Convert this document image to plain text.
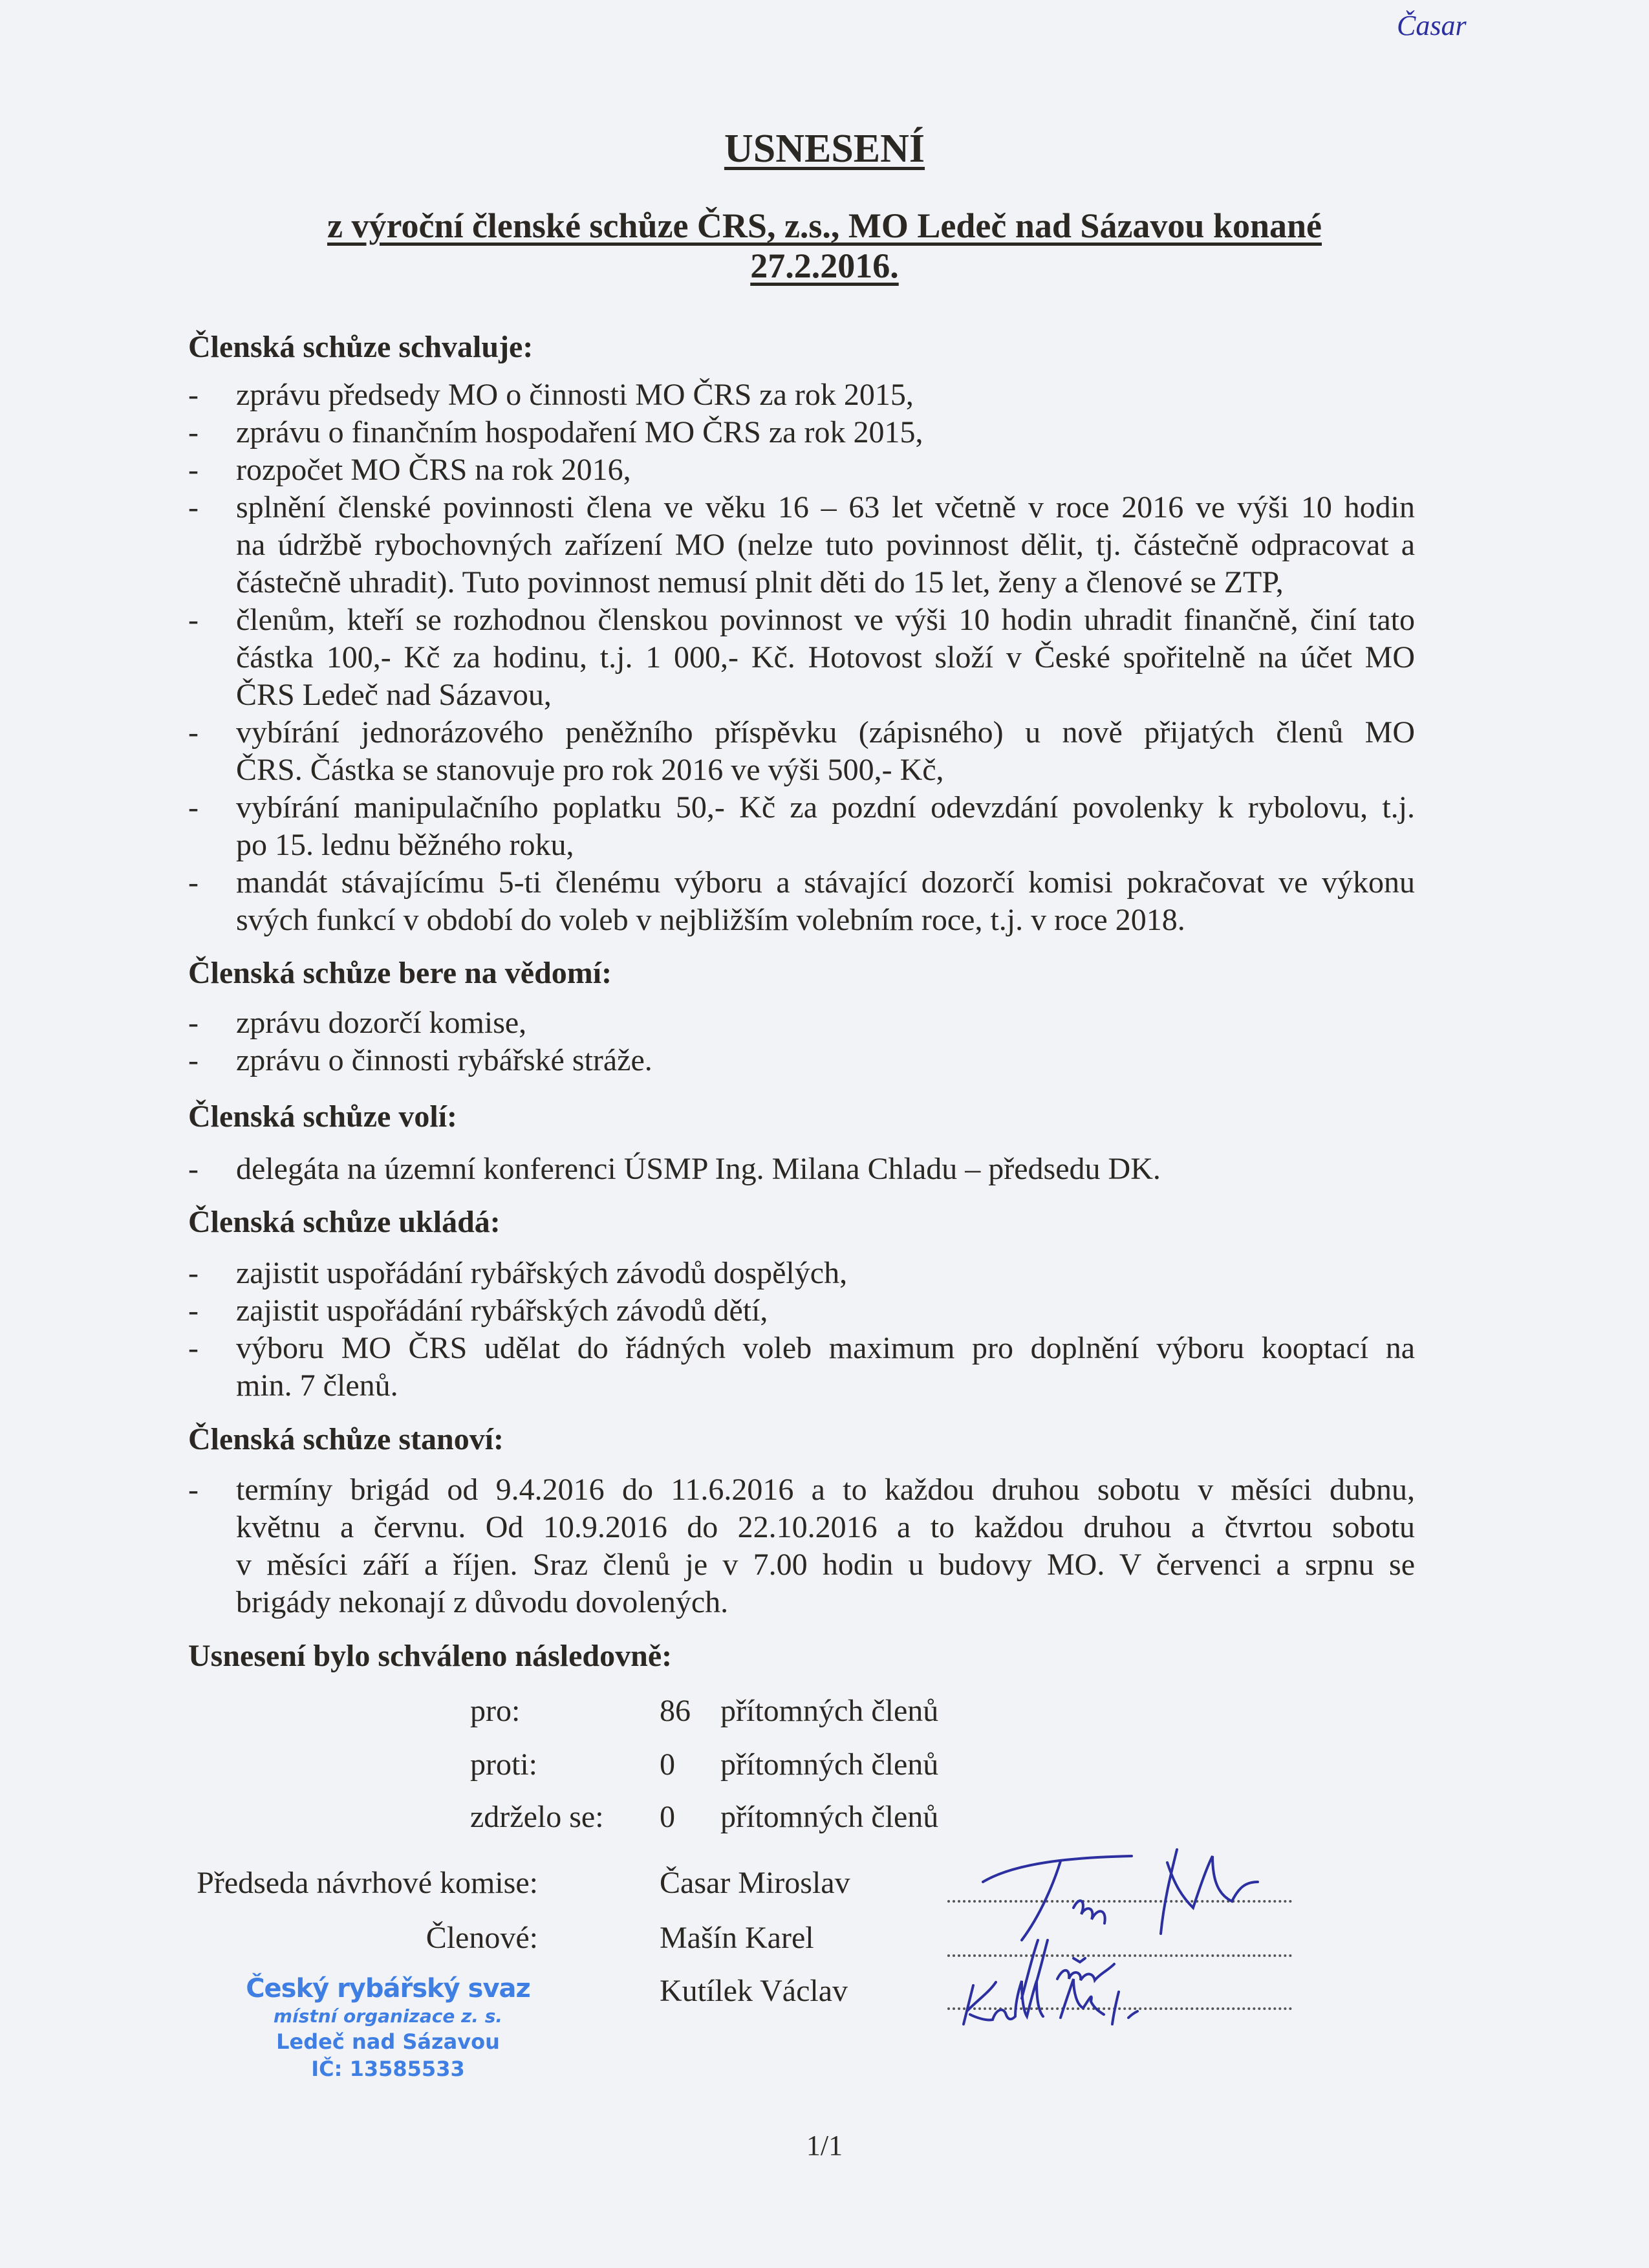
Časar
USNESENÍ
z výroční členské schůze ČRS, z.s., MO Ledeč nad Sázavou konané
27.2.2016.
Členská schůze schvaluje:
- zprávu předsedy MO o činnosti MO ČRS za rok 2015,
- zprávu o finančním hospodaření MO ČRS za rok 2015,
- rozpočet MO ČRS na rok 2016,
- splnění členské povinnosti člena ve věku 16 – 63 let včetně v roce 2016 ve výši 10 hodin
na údržbě rybochovných zařízení MO (nelze tuto povinnost dělit, tj. částečně odpracovat a
částečně uhradit). Tuto povinnost nemusí plnit děti do 15 let, ženy a členové se ZTP,
- členům, kteří se rozhodnou členskou povinnost ve výši 10 hodin uhradit finančně, činí tato
částka 100,- Kč za hodinu, t.j. 1 000,- Kč. Hotovost složí v České spořitelně na účet MO
ČRS Ledeč nad Sázavou,
- vybírání jednorázového peněžního příspěvku (zápisného) u nově přijatých členů MO
ČRS. Částka se stanovuje pro rok 2016 ve výši 500,- Kč,
- vybírání manipulačního poplatku 50,- Kč za pozdní odevzdání povolenky k rybolovu, t.j.
po 15. lednu běžného roku,
- mandát stávajícímu 5-ti členému výboru a stávající dozorčí komisi pokračovat ve výkonu
svých funkcí v období do voleb v nejbližším volebním roce, t.j. v roce 2018.
Členská schůze bere na vědomí:
- zprávu dozorčí komise,
- zprávu o činnosti rybářské stráže.
Členská schůze volí:
- delegáta na územní konferenci ÚSMP Ing. Milana Chladu – předsedu DK.
Členská schůze ukládá:
- zajistit uspořádání rybářských závodů dospělých,
- zajistit uspořádání rybářských závodů dětí,
- výboru MO ČRS udělat do řádných voleb maximum pro doplnění výboru kooptací na
min. 7 členů.
Členská schůze stanoví:
- termíny brigád od 9.4.2016 do 11.6.2016 a to každou druhou sobotu v měsíci dubnu,
květnu a červnu. Od 10.9.2016 do 22.10.2016 a to každou druhou a čtvrtou sobotu
v měsíci září a říjen. Sraz členů je v 7.00 hodin u budovy MO. V červenci a srpnu se
brigády nekonají z důvodu dovolených.
Usnesení bylo schváleno následovně:
pro:	86 přítomných členů
proti:	0 přítomných členů
zdrželo se: 0 přítomných členů
Předseda návrhové komise:	Časar Miroslav
Členové:	Mašín Karel
Kutílek Václav
Český rybářský svaz
místní organizace z. s.
Ledeč nad Sázavou
IČ: 13585533
1/1
